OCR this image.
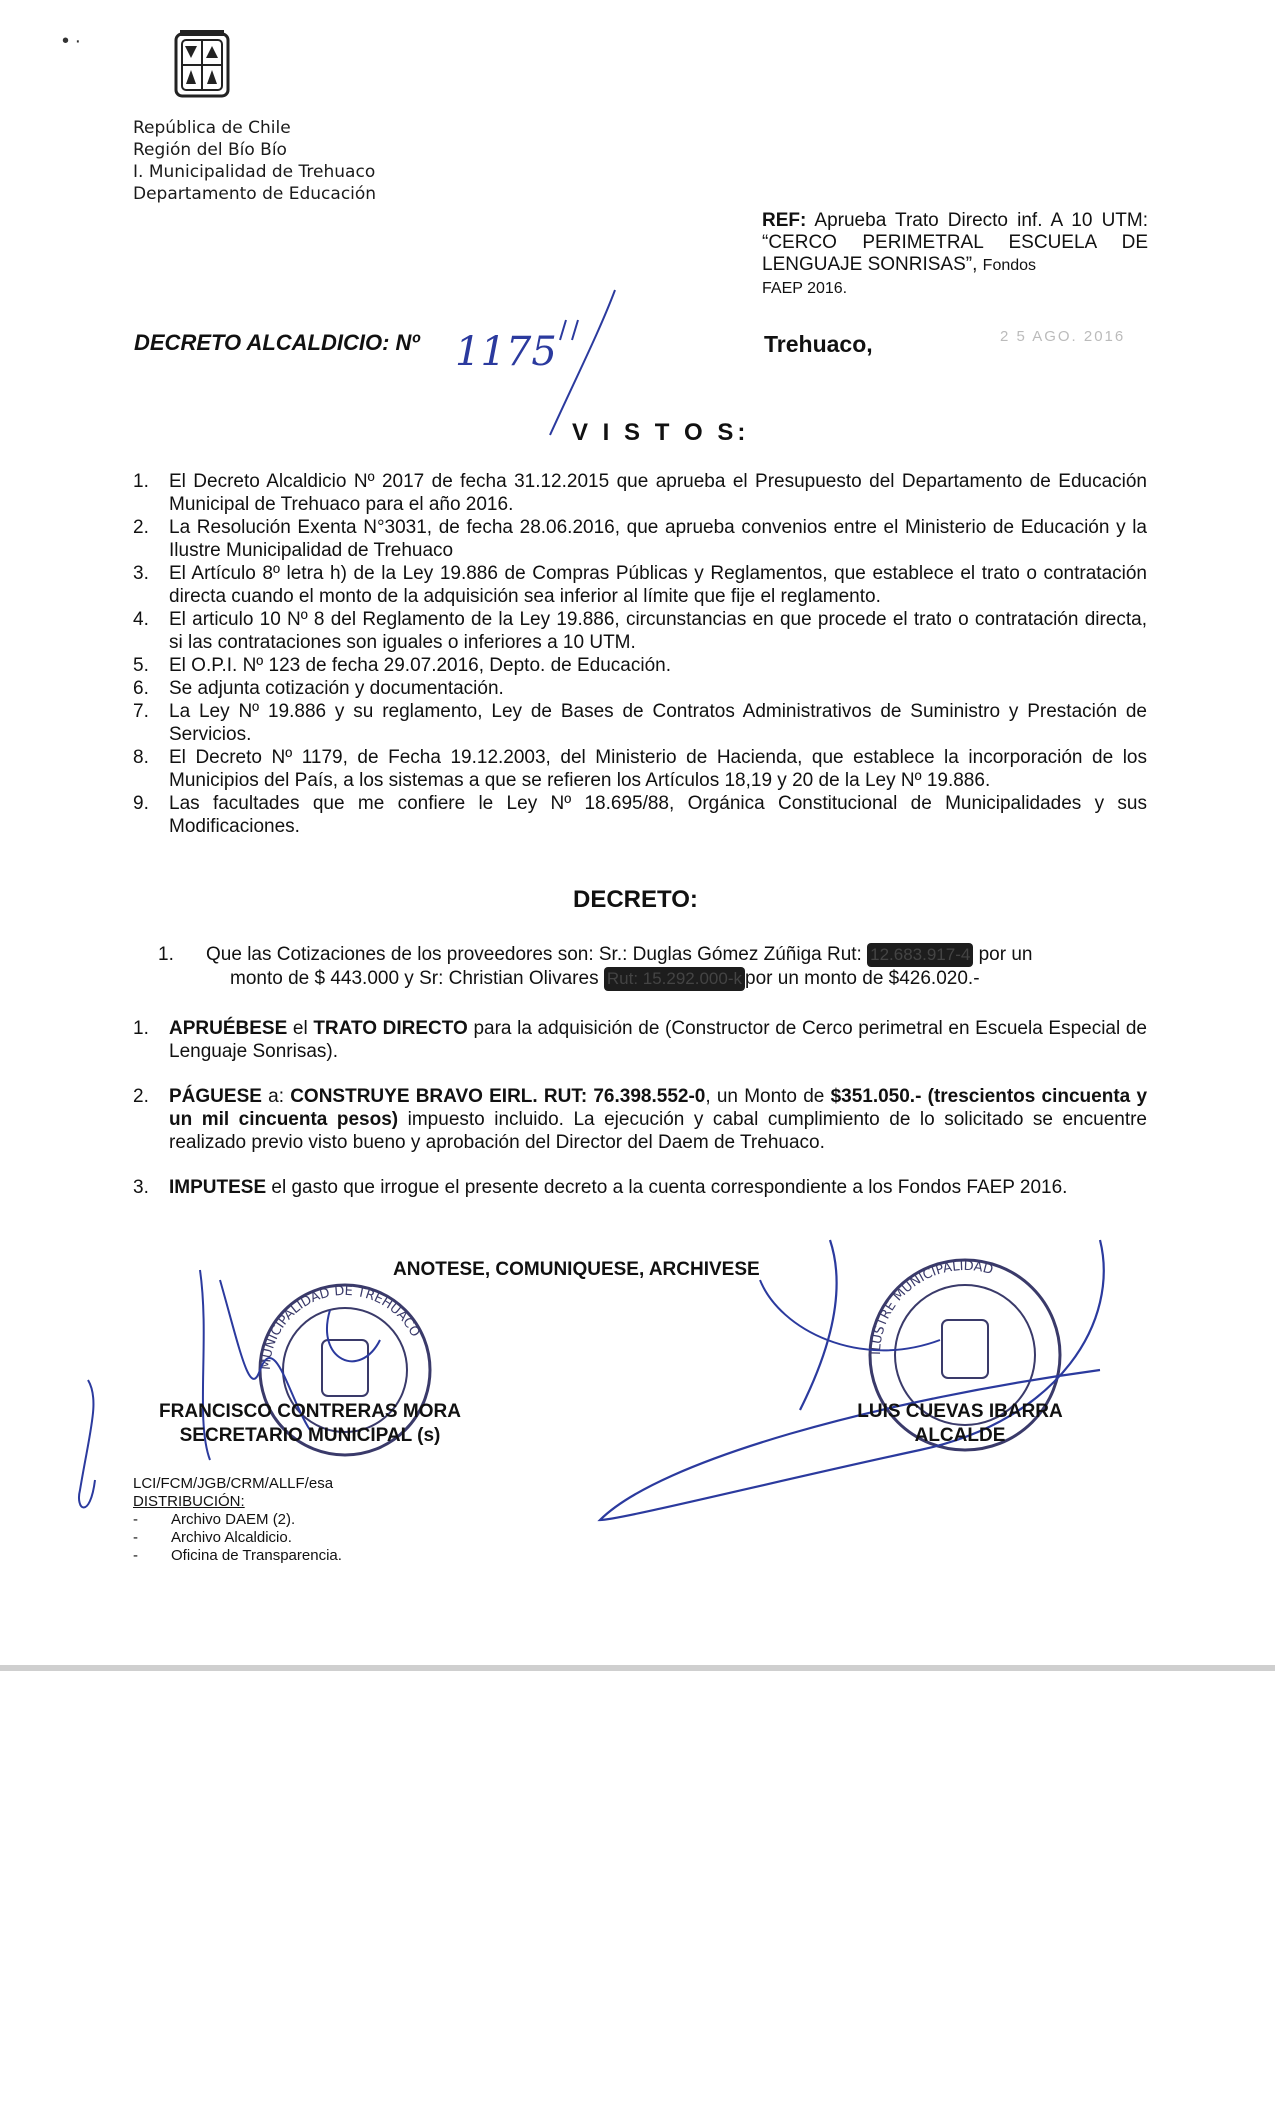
• ·
República de Chile
Región del Bío Bío
I. Municipalidad de Trehuaco
Departamento de Educación
REF: Aprueba Trato Directo inf. A 10 UTM: “CERCO PERIMETRAL ESCUELA DE LENGUAJE SONRISAS”, Fondos
FAEP 2016.
DECRETO ALCALDICIO: Nº 1175	Trehuaco,	2 5 AGO. 2016
V I S T O S:
1. El Decreto Alcaldicio Nº 2017 de fecha 31.12.2015 que aprueba el Presupuesto del Departamento de Educación Municipal de Trehuaco para el año 2016.
2. La Resolución Exenta N°3031, de fecha 28.06.2016, que aprueba convenios entre el Ministerio de Educación y la Ilustre Municipalidad de Trehuaco
3. El Artículo 8º letra h) de la Ley 19.886 de Compras Públicas y Reglamentos, que establece el trato o contratación directa cuando el monto de la adquisición sea inferior al límite que fije el reglamento.
4. El articulo 10 Nº 8 del Reglamento de la Ley 19.886, circunstancias en que procede el trato o contratación directa, si las contrataciones son iguales o inferiores a 10 UTM.
5. El O.P.I. Nº 123 de fecha 29.07.2016, Depto. de Educación.
6. Se adjunta cotización y documentación.
7. La Ley Nº 19.886 y su reglamento, Ley de Bases de Contratos Administrativos de Suministro y Prestación de Servicios.
8. El Decreto Nº 1179, de Fecha 19.12.2003, del Ministerio de Hacienda, que establece la incorporación de los Municipios del País, a los sistemas a que se refieren los Artículos 18,19 y 20 de la Ley Nº 19.886.
9. Las facultades que me confiere le Ley Nº 18.695/88, Orgánica Constitucional de Municipalidades y sus Modificaciones.
DECRETO:
1. Que las Cotizaciones de los proveedores son: Sr.: Duglas Gómez Zúñiga Rut: 12.683.917-4 por un
monto de $ 443.000 y Sr: Christian Olivares Rut: 15.292.000-k por un monto de $426.020.-
1. APRUÉBESE el TRATO DIRECTO para la adquisición de (Constructor de Cerco perimetral en Escuela Especial de Lenguaje Sonrisas).
2. PÁGUESE a: CONSTRUYE BRAVO EIRL. RUT: 76.398.552-0, un Monto de $351.050.- (trescientos cincuenta y un mil cincuenta pesos) impuesto incluido. La ejecución y cabal cumplimiento de lo solicitado se encuentre realizado previo visto bueno y aprobación del Director del Daem de Trehuaco.
3. IMPUTESE el gasto que irrogue el presente decreto a la cuenta correspondiente a los Fondos FAEP 2016.
ANOTESE, COMUNIQUESE, ARCHIVESE
MUNICIPALIDAD DE TREHUACO
ILUSTRE MUNICIPALIDAD
FRANCISCO CONTRERAS MORA
SECRETARIO MUNICIPAL (s)
LUIS CUEVAS IBARRA
ALCALDE
LCI/FCM/JGB/CRM/ALLF/esa
DISTRIBUCIÓN:
- Archivo DAEM (2).
- Archivo Alcaldicio.
- Oficina de Transparencia.
